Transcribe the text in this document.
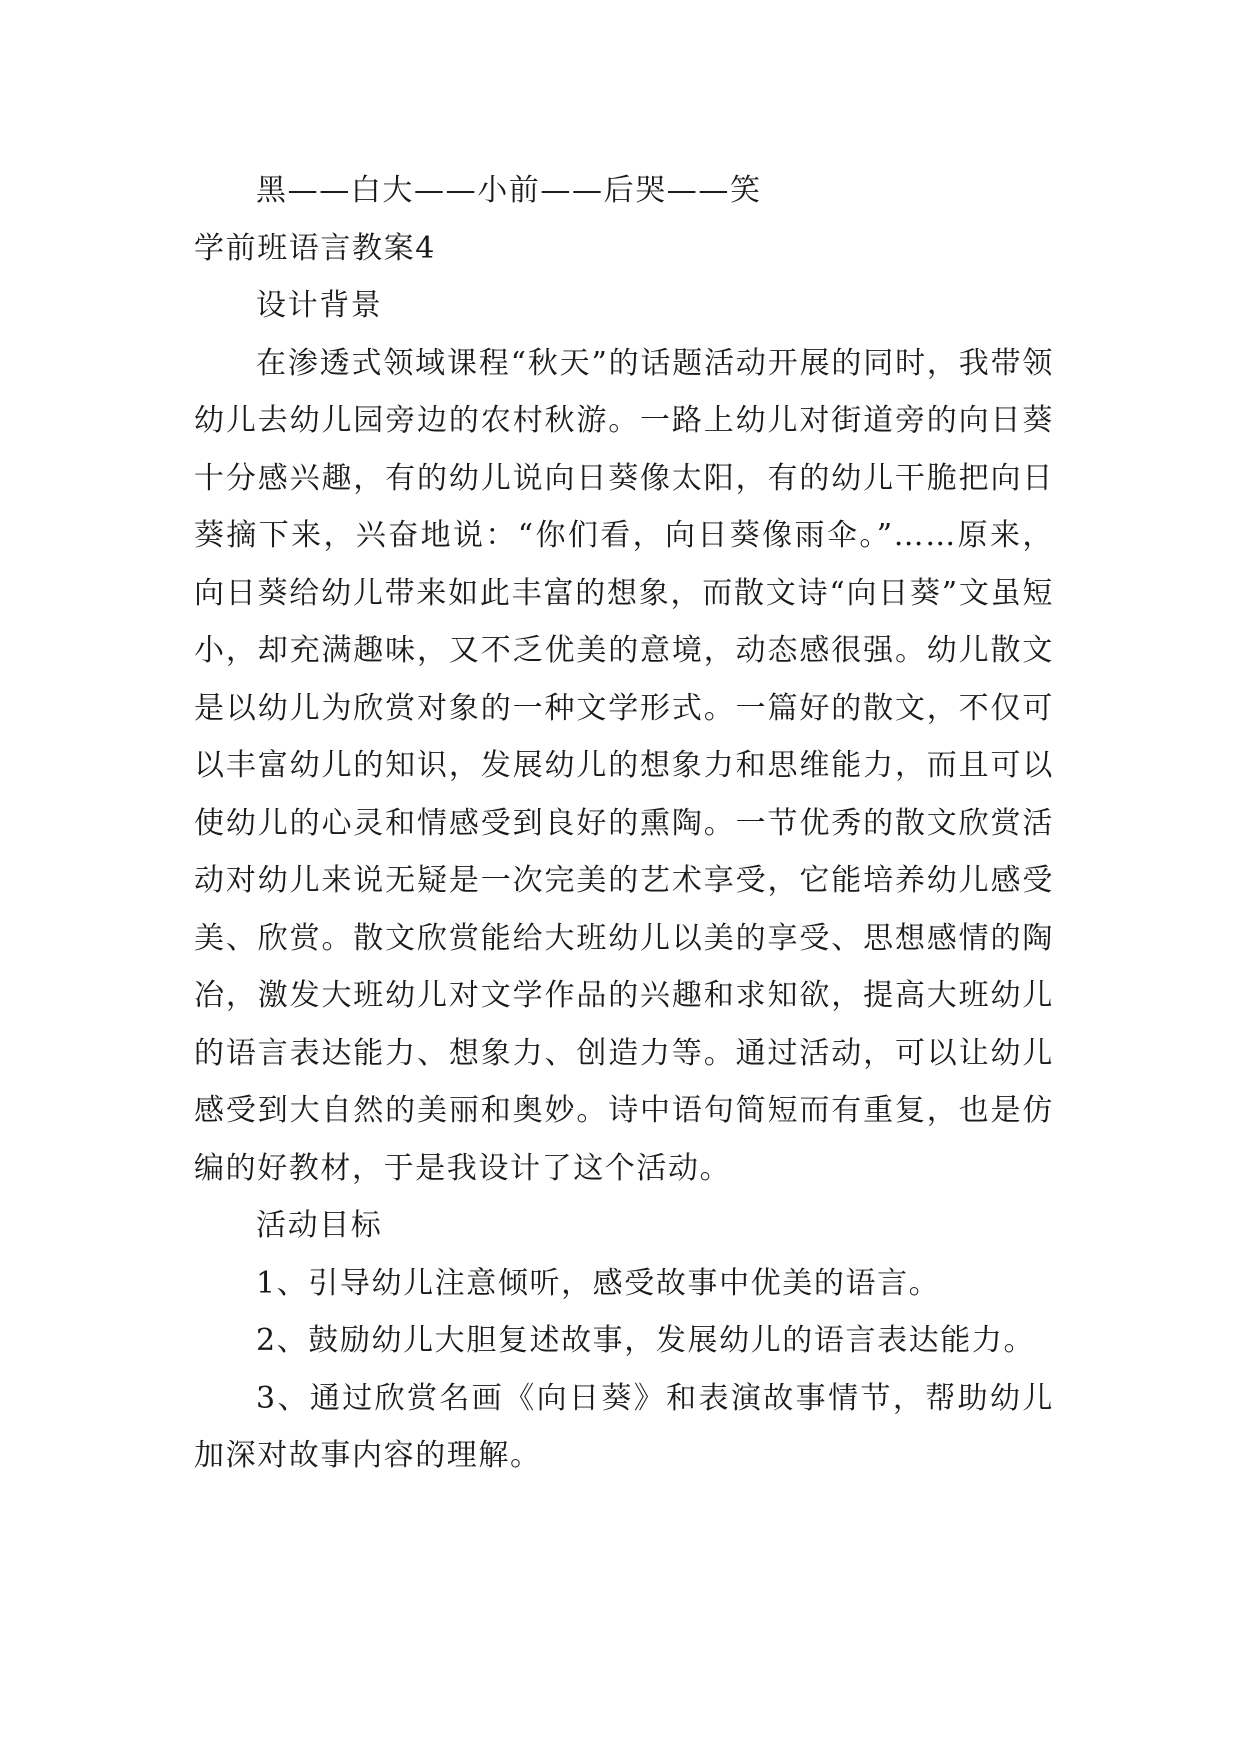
黑——白大——小前——后哭——笑

学前班语言教案4

设计背景

在渗透式领域课程“秋天”的话题活动开展的同时，我带领幼儿去幼儿园旁边的农村秋游。一路上幼儿对街道旁的向日葵十分感兴趣，有的幼儿说向日葵像太阳，有的幼儿干脆把向日葵摘下来，兴奋地说：“你们看，向日葵像雨伞。”……原来，向日葵给幼儿带来如此丰富的想象，而散文诗“向日葵”文虽短小，却充满趣味，又不乏优美的意境，动态感很强。幼儿散文是以幼儿为欣赏对象的一种文学形式。一篇好的散文，不仅可以丰富幼儿的知识，发展幼儿的想象力和思维能力，而且可以使幼儿的心灵和情感受到良好的熏陶。一节优秀的散文欣赏活动对幼儿来说无疑是一次完美的艺术享受，它能培养幼儿感受美、欣赏。散文欣赏能给大班幼儿以美的享受、思想感情的陶冶，激发大班幼儿对文学作品的兴趣和求知欲，提高大班幼儿的语言表达能力、想象力、创造力等。通过活动，可以让幼儿感受到大自然的美丽和奥妙。诗中语句简短而有重复，也是仿编的好教材，于是我设计了这个活动。

活动目标

1、引导幼儿注意倾听，感受故事中优美的语言。

2、鼓励幼儿大胆复述故事，发展幼儿的语言表达能力。

3、通过欣赏名画《向日葵》和表演故事情节，帮助幼儿加深对故事内容的理解。
